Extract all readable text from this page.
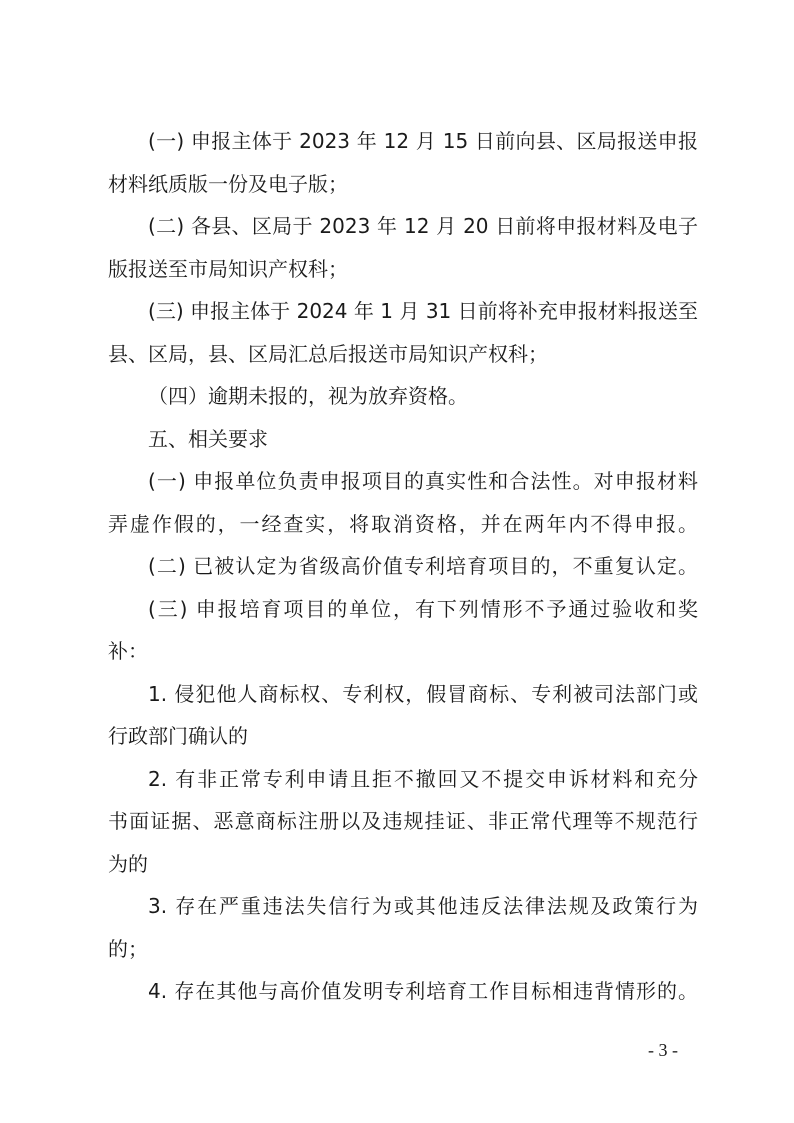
(一) 申报主体于 2023 年 12 月 15 日前向县、区局报送申报
材料纸质版一份及电子版；
(二) 各县、区局于 2023 年 12 月 20 日前将申报材料及电子
版报送至市局知识产权科；
(三) 申报主体于 2024 年 1 月 31 日前将补充申报材料报送至
县、区局，县、区局汇总后报送市局知识产权科；
（四）逾期未报的，视为放弃资格。
五、相关要求
(一) 申报单位负责申报项目的真实性和合法性。对申报材料
弄虚作假的，一经查实，将取消资格，并在两年内不得申报。
(二) 已被认定为省级高价值专利培育项目的，不重复认定。
(三) 申报培育项目的单位，有下列情形不予通过验收和奖
补：
1. 侵犯他人商标权、专利权，假冒商标、专利被司法部门或
行政部门确认的
2. 有非正常专利申请且拒不撤回又不提交申诉材料和充分
书面证据、恶意商标注册以及违规挂证、非正常代理等不规范行
为的
3. 存在严重违法失信行为或其他违反法律法规及政策行为
的；
4. 存在其他与高价值发明专利培育工作目标相违背情形的。
- 3 -
